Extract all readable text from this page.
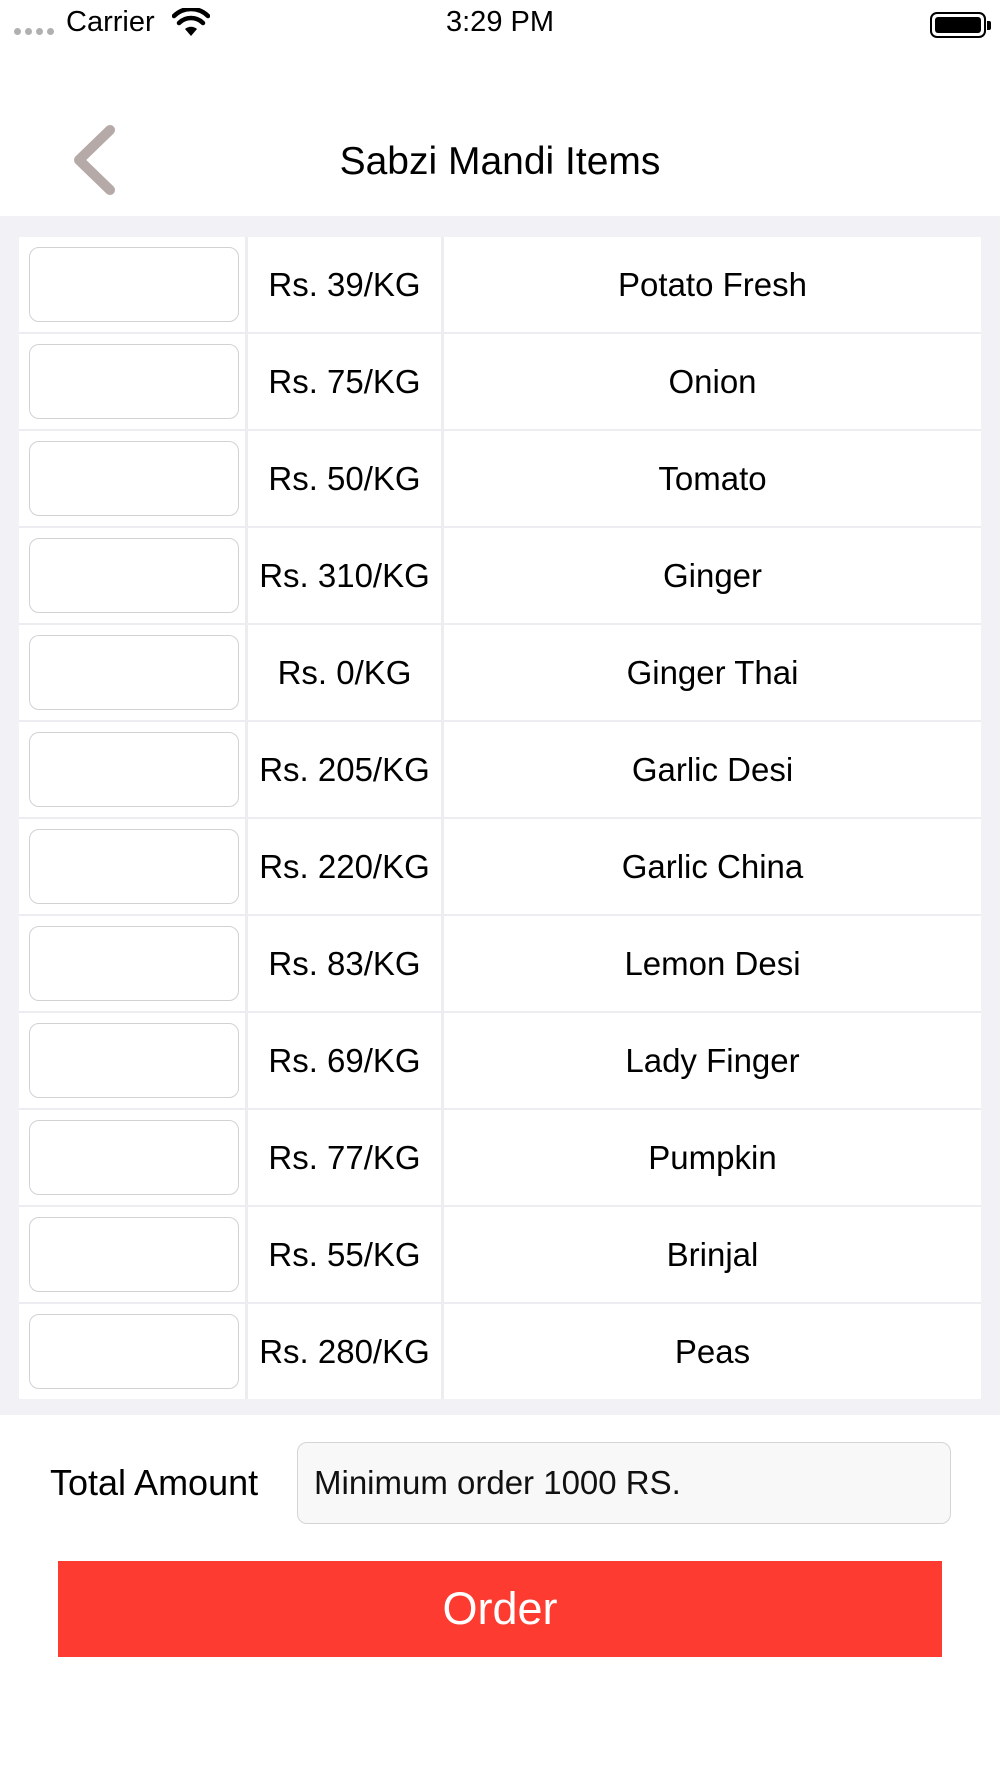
Carrier	3:29 PM
Sabzi Mandi Items
Rs. 39/KG	Potato Fresh
Rs. 75/KG	Onion
Rs. 50/KG	Tomato
Rs. 310/KG	Ginger
Rs. 0/KG	Ginger Thai
Rs. 205/KG	Garlic Desi
Rs. 220/KG	Garlic China
Rs. 83/KG	Lemon Desi
Rs. 69/KG	Lady Finger
Rs. 77/KG	Pumpkin
Rs. 55/KG	Brinjal
Rs. 280/KG	Peas
Total Amount	Minimum order 1000 RS.
Order
